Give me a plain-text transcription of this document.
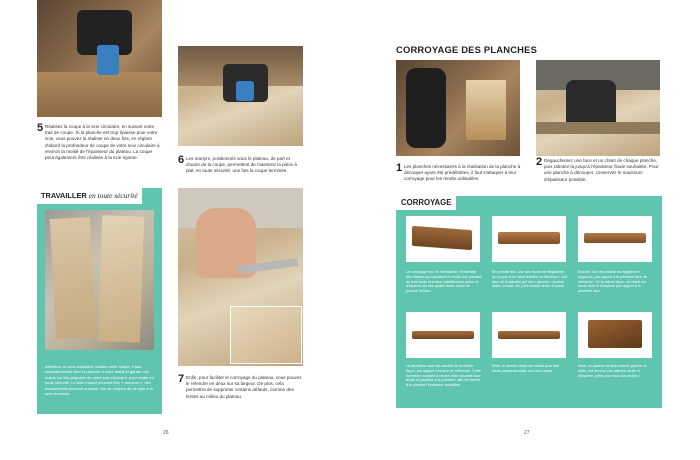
5 Réalisez la coupe à la scie circulaire, en suivant votre trait de coupe. Si la planche est trop épaisse pour votre scie, vous pouvez la réaliser en deux fois, en réglant d'abord la profondeur de coupe de votre scie circulaire à environ la moitié de l'épaisseur du plateau. La coupe peut également être réalisée à la scie égoïne.	6 Les martyrs, positionnés sous le plateau, de part et d'autre de la coupe, permettent de maintenir la pièce à plat, en toute sécurité, une fois la coupe terminée.
TRAVAILLER en toute sécurité
Attention, si vous souhaitez réaliser cette coupe, il faut impérativement fixer la planche à votre établi et garder vos mains sur les poignées de votre scie circulaire, pour rester en toute sécurité. Le bois massif pouvant être « nerveux », des écrasements peuvent survenir lors de coupes de ce type à la scie circulaire.
7 Enfin, pour faciliter le corroyage du plateau, vous pouvez le refendre en deux sur sa largeur. De plus, cela permettra de supprimer certains défauts, comme des fentes au milieu du plateau.
26
CORROYAGE DES PLANCHES
1 Les planches nécessaires à la réalisation de la planche à découper ayant été prédébitées, il faut s'attaquer à leur corroyage pour les rendre utilisables.
2 Dégauchissez une face et un chant de chaque planche, puis rabotez-la jusqu'à l'épaisseur finale souhaitée. Pour une planche à découper, conservez le maximum d'épaisseur possible.
CORROYAGE
Le corroyage est, en menuiserie, l'ensemble des étapes qui consistent à rendre une planche de bois brute et tordue, parfaitement plane et d'équerre sur ses quatre faces, avant de pouvoir l'utiliser.
En premier lieu, une des faces est dégauchie. Au moyen d'un rabot linéaire ou électrique, une face de la planche qui est « gauche » (tordue, tuilée, creuse, etc.) est rendue droite et plane.
Ensuite, l'un des chants est également dégauchi, par rapport à la première face de référence. De la même façon, ce chant est rendu droit et d'équerre par rapport à la première face.
La deuxième face est rabotée de la même façon, par rapport à la face de référence. Cette opération consiste à rendre cette seconde face droite et parallèle à la première, afin de donner à la planche l'épaisseur souhaitée.
Enfin, le dernier chant est raboté pour être rendu perpendiculaire aux deux faces.
Ainsi, un plateau de bois massif, gauche et tordu, est devenu une planche droite et d'équerre, prête pour tous vos projets !
27
